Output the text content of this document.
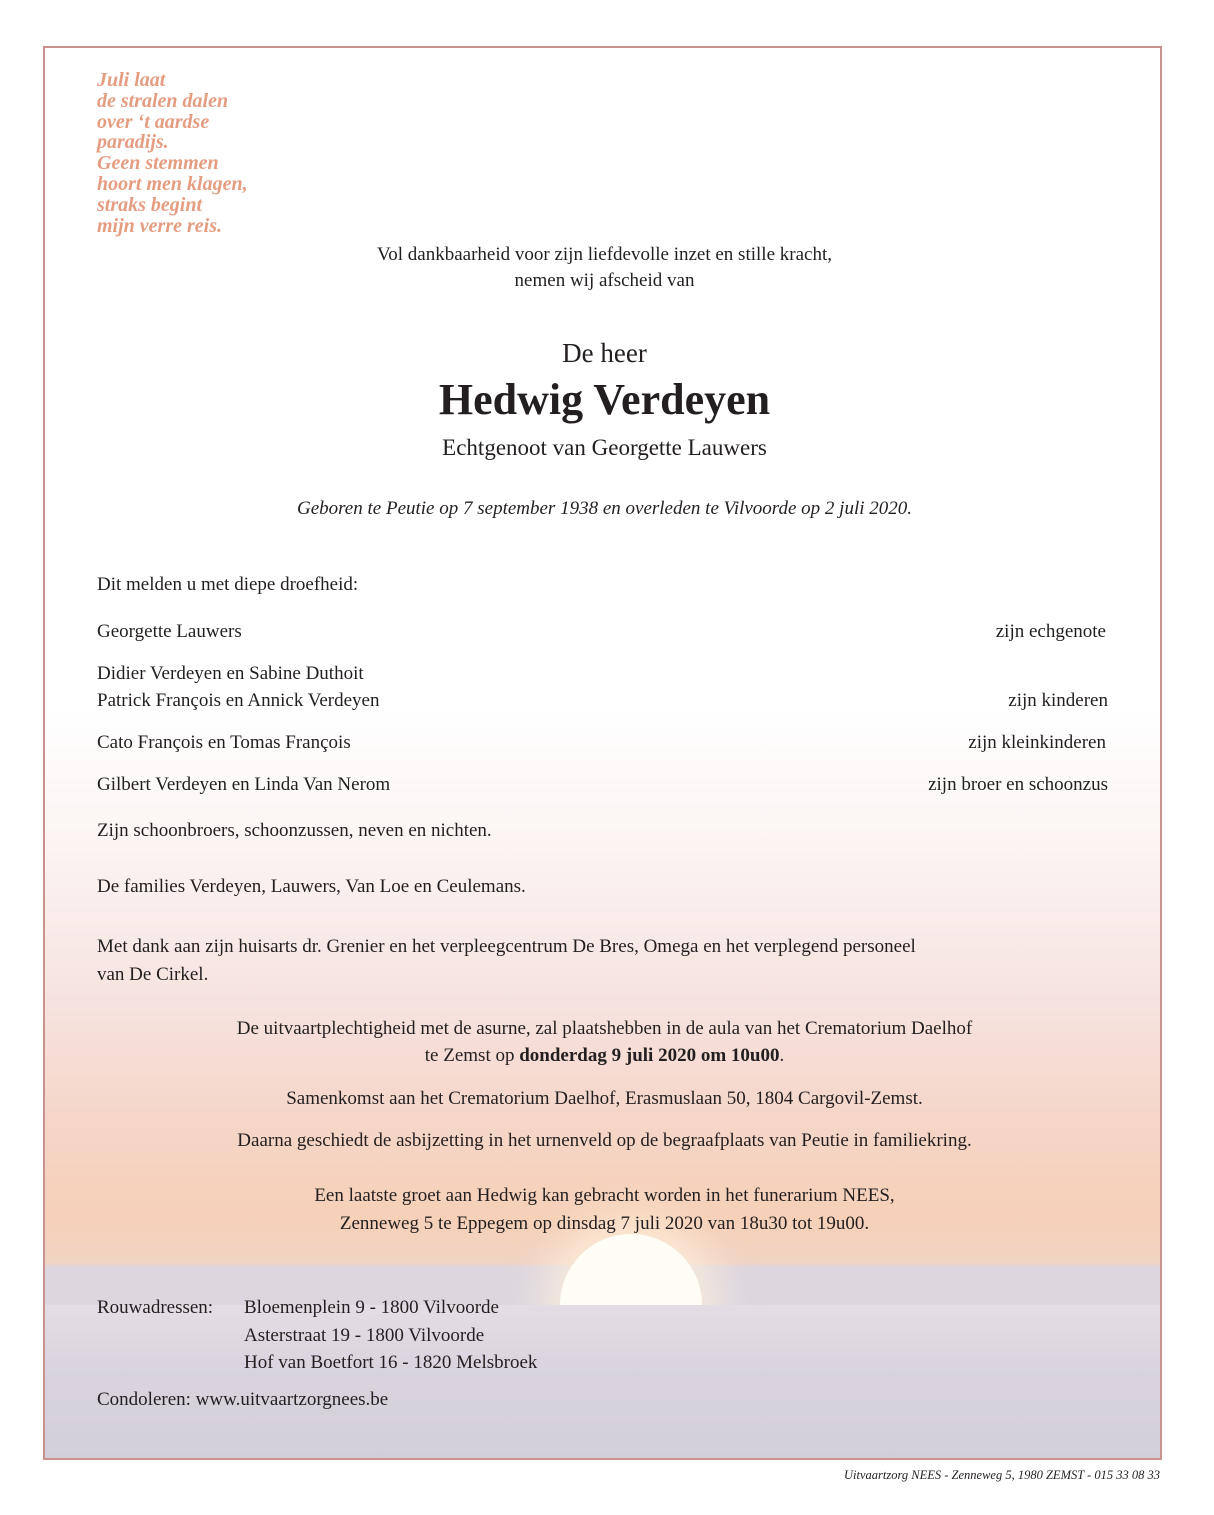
Juli laat
de stralen dalen
over ‘t aardse
paradijs.
Geen stemmen
hoort men klagen,
straks begint
mijn verre reis.
Vol dankbaarheid voor zijn liefdevolle inzet en stille kracht,
nemen wij afscheid van
De heer
Hedwig Verdeyen
Echtgenoot van Georgette Lauwers
Geboren te Peutie op 7 september 1938 en overleden te Vilvoorde op 2 juli 2020.
Dit melden u met diepe droefheid:
Georgette Lauwers	zijn echgenote
Didier Verdeyen en Sabine Duthoit
Patrick François en Annick Verdeyen	zijn kinderen
Cato François en Tomas François	zijn kleinkinderen
Gilbert Verdeyen en Linda Van Nerom	zijn broer en schoonzus
Zijn schoonbroers, schoonzussen, neven en nichten.
De families Verdeyen, Lauwers, Van Loe en Ceulemans.
Met dank aan zijn huisarts dr. Grenier en het verpleegcentrum De Bres, Omega en het verplegend personeel
van De Cirkel.
De uitvaartplechtigheid met de asurne, zal plaatshebben in de aula van het Crematorium Daelhof
te Zemst op donderdag 9 juli 2020 om 10u00.
Samenkomst aan het Crematorium Daelhof, Erasmuslaan 50, 1804 Cargovil-Zemst.
Daarna geschiedt de asbijzetting in het urnenveld op de begraafplaats van Peutie in familiekring.
Een laatste groet aan Hedwig kan gebracht worden in het funerarium NEES,
Zenneweg 5 te Eppegem op dinsdag 7 juli 2020 van 18u30 tot 19u00.
Rouwadressen: Bloemenplein 9 - 1800 Vilvoorde
Asterstraat 19 - 1800 Vilvoorde
Hof van Boetfort 16 - 1820 Melsbroek
Condoleren: www.uitvaartzorgnees.be
Uitvaartzorg NEES - Zenneweg 5, 1980 ZEMST - 015 33 08 33
